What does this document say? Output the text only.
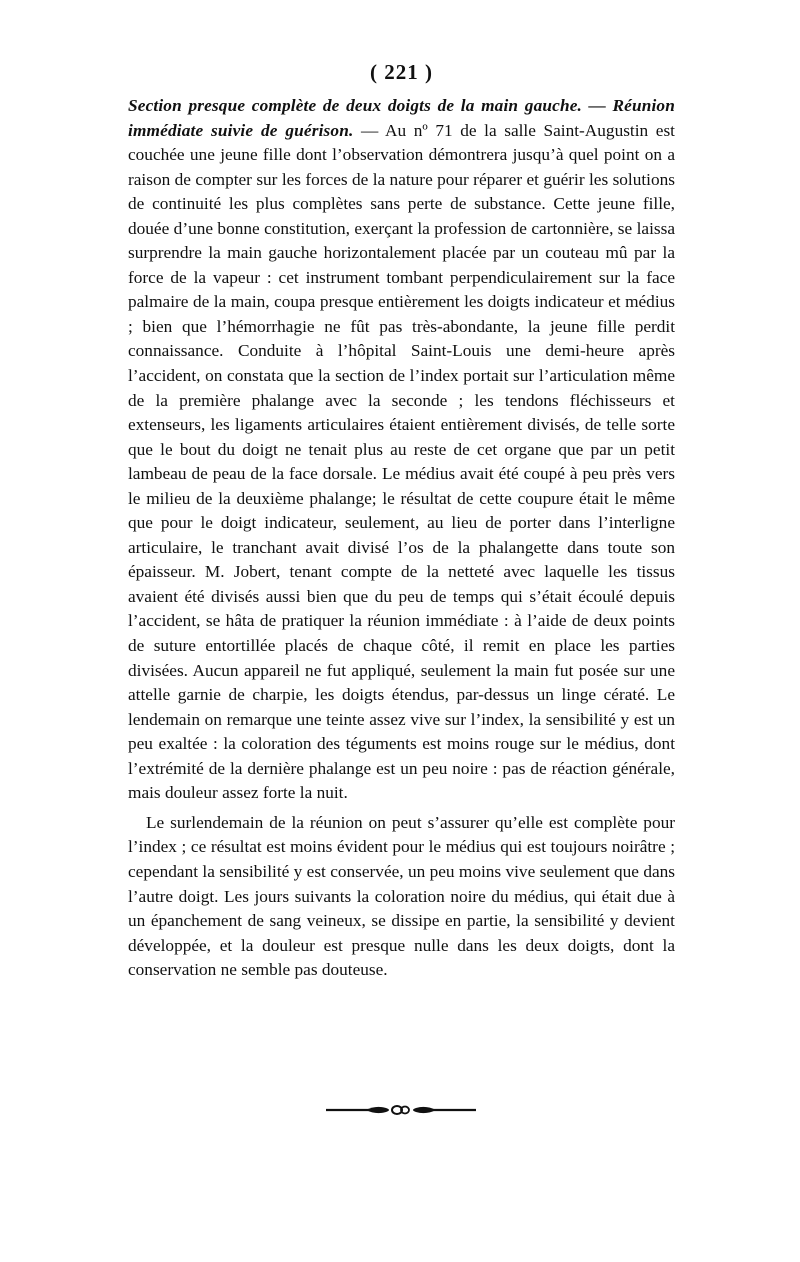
( 221 )

Section presque complète de deux doigts de la main gauche. — Réunion immédiate suivie de guérison. — Au nº 71 de la salle Saint-Augustin est couchée une jeune fille dont l’observation démontrera jusqu’à quel point on a raison de compter sur les forces de la nature pour réparer et guérir les solutions de continuité les plus complètes sans perte de substance. Cette jeune fille, douée d’une bonne constitution, exerçant la profession de cartonnière, se laissa surprendre la main gauche horizontalement placée par un couteau mû par la force de la vapeur : cet instrument tombant perpendiculairement sur la face palmaire de la main, coupa presque entièrement les doigts indicateur et médius ; bien que l’hémorrhagie ne fût pas très-abondante, la jeune fille perdit connaissance. Conduite à l’hôpital Saint-Louis une demi-heure après l’accident, on constata que la section de l’index portait sur l’articulation même de la première phalange avec la seconde ; les tendons fléchisseurs et extenseurs, les ligaments articulaires étaient entièrement divisés, de telle sorte que le bout du doigt ne tenait plus au reste de cet organe que par un petit lambeau de peau de la face dorsale. Le médius avait été coupé à peu près vers le milieu de la deuxième phalange; le résultat de cette coupure était le même que pour le doigt indicateur, seulement, au lieu de porter dans l’interligne articulaire, le tranchant avait divisé l’os de la phalangette dans toute son épaisseur. M. Jobert, tenant compte de la netteté avec laquelle les tissus avaient été divisés aussi bien que du peu de temps qui s’était écoulé depuis l’accident, se hâta de pratiquer la réunion immédiate : à l’aide de deux points de suture entortillée placés de chaque côté, il remit en place les parties divisées. Aucun appareil ne fut appliqué, seulement la main fut posée sur une attelle garnie de charpie, les doigts étendus, par-dessus un linge cératé. Le lendemain on remarque une teinte assez vive sur l’index, la sensibilité y est un peu exaltée : la coloration des téguments est moins rouge sur le médius, dont l’extrémité de la dernière phalange est un peu noire : pas de réaction générale, mais douleur assez forte la nuit.

Le surlendemain de la réunion on peut s’assurer qu’elle est complète pour l’index ; ce résultat est moins évident pour le médius qui est toujours noirâtre ; cependant la sensibilité y est conservée, un peu moins vive seulement que dans l’autre doigt. Les jours suivants la coloration noire du médius, qui était due à un épanchement de sang veineux, se dissipe en partie, la sensibilité y devient développée, et la douleur est presque nulle dans les deux doigts, dont la conservation ne semble pas douteuse.
